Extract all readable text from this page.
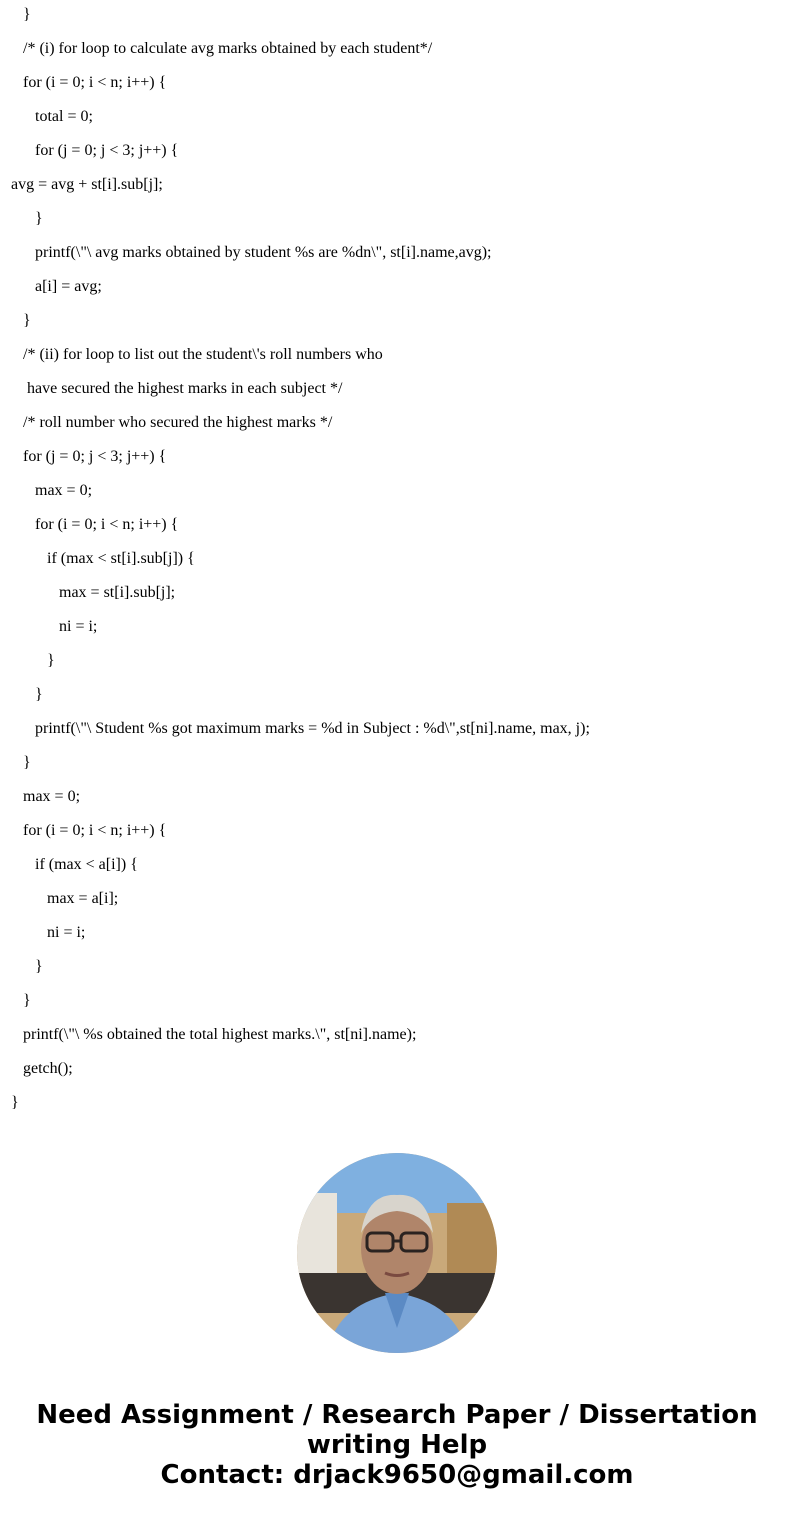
}
/* (i) for loop to calculate avg marks obtained by each student*/
for (i = 0; i < n; i++) {
total = 0;
for (j = 0; j < 3; j++) {
avg = avg + st[i].sub[j];
}
printf(\"\ avg marks obtained by student %s are %dn\", st[i].name,avg);
a[i] = avg;
}
/* (ii) for loop to list out the student\'s roll numbers who
have secured the highest marks in each subject */
/* roll number who secured the highest marks */
for (j = 0; j < 3; j++) {
max = 0;
for (i = 0; i < n; i++) {
if (max < st[i].sub[j]) {
max = st[i].sub[j];
ni = i;
}
}
printf(\"\ Student %s got maximum marks = %d in Subject : %d\",st[ni].name, max, j);
}
max = 0;
for (i = 0; i < n; i++) {
if (max < a[i]) {
max = a[i];
ni = i;
}
}
printf(\"\ %s obtained the total highest marks.\", st[ni].name);
getch();
}
Need Assignment / Research Paper / Dissertation
writing Help
Contact: drjack9650@gmail.com
